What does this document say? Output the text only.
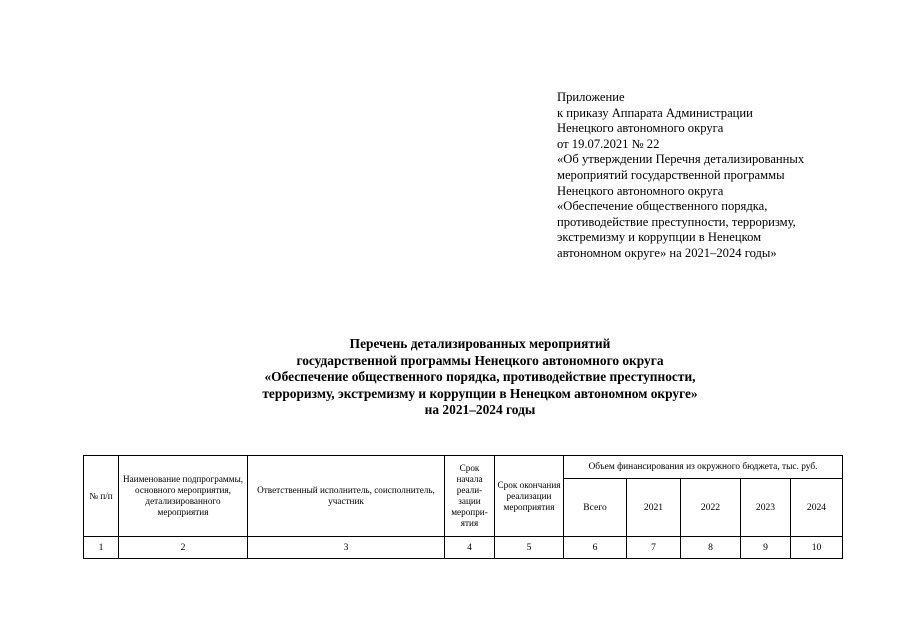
Приложение
к приказу Аппарата Администрации
Ненецкого автономного округа
от 19.07.2021 № 22
«Об утверждении Перечня детализированных
мероприятий государственной программы
Ненецкого автономного округа
«Обеспечение общественного порядка,
противодействие преступности, терроризму,
экстремизму и коррупции в Ненецком
автономном округе» на 2021–2024 годы»
Перечень детализированных мероприятий
государственной программы Ненецкого автономного округа
«Обеспечение общественного порядка, противодействие преступности,
терроризму, экстремизму и коррупции в Ненецком автономном округе»
на 2021–2024 годы
№ п/п	Наименование подпрограммы, основного мероприятия, детализированного мероприятия	Ответственный исполнитель, соисполнитель, участник	Срок начала реали-зации меропри-ятия	Срок окончания реализации мероприятия	Объем финансирования из окружного бюджета, тыс. руб.				
					Всего	2021	2022	2023	2024
1	2	3	4	5	6	7	8	9	10
